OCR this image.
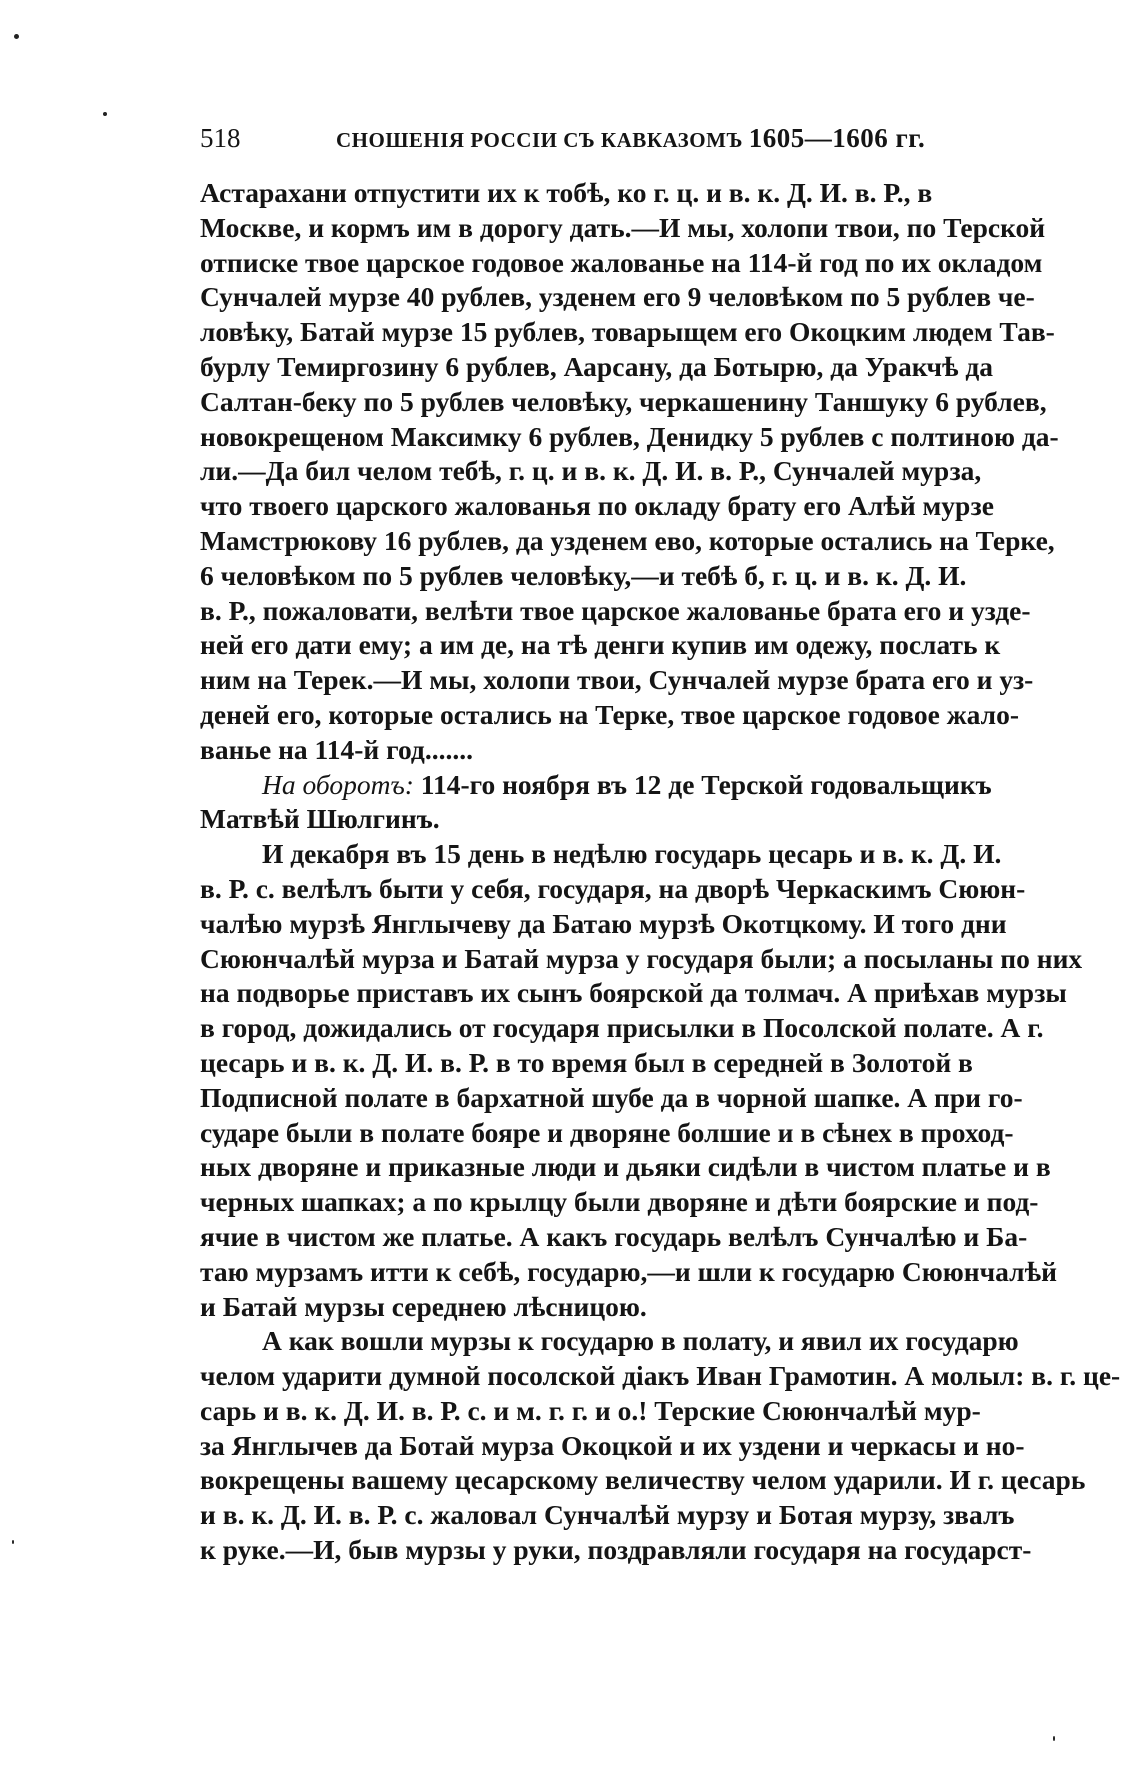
518	СНОШЕНІЯ РОССІИ СЪ КАВКАЗОМЪ 1605—1606 гг.
Астарахани отпустити их к тобѣ, ко г. ц. и в. к. Д. И. в. Р., в
Москве, и кормъ им в дорогу дать.—И мы, холопи твои, по Терской
отписке твое царское годовое жалованье на 114-й год по их окладом
Сунчалей мурзе 40 рублев, узденем его 9 человѣком по 5 рублев че-
ловѣку, Батай мурзе 15 рублев, товарыщем его Окоцким людем Тав-
бурлу Темиргозину 6 рублев, Аарсану, да Ботырю, да Уракчѣ да
Салтан-беку по 5 рублев человѣку, черкашенину Таншуку 6 рублев,
новокрещеном Максимку 6 рублев, Денидку 5 рублев с полтиною да-
ли.—Да бил челом тебѣ, г. ц. и в. к. Д. И. в. Р., Сунчалей мурза,
что твоего царского жалованья по окладу брату его Алѣй мурзе
Мамстрюкову 16 рублев, да узденем ево, которые остались на Терке,
6 человѣком по 5 рублев человѣку,—и тебѣ б, г. ц. и в. к. Д. И.
в. Р., пожаловати, велѣти твое царское жалованье брата его и узде-
ней его дати ему; а им де, на тѣ денги купив им одежу, послать к
ним на Терек.—И мы, холопи твои, Сунчалей мурзе брата его и уз-
деней его, которые остались на Терке, твое царское годовое жало-
ванье на 114-й год.......
На оборотъ: 114-го ноября въ 12 де Терской годовальщикъ
Матвѣй Шюлгинъ.
И декабря въ 15 день в недѣлю государь цесарь и в. к. Д. И.
в. Р. с. велѣлъ быти у себя, государя, на дворѣ Черкаскимъ Сююн-
чалѣю мурзѣ Янглычеву да Батаю мурзѣ Окотцкому. И того дни
Сююнчалѣй мурза и Батай мурза у государя были; а посыланы по них
на подворье приставъ их сынъ боярской да толмач. А приѣхав мурзы
в город, дожидались от государя присылки в Посолской полате. А г.
цесарь и в. к. Д. И. в. Р. в то время был в середней в Золотой в
Подписной полате в бархатной шубе да в чорной шапке. А при го-
сударе были в полате бояре и дворяне болшие и в сѣнех в проход-
ных дворяне и приказные люди и дьяки сидѣли в чистом платье и в
черных шапках; а по крылцу были дворяне и дѣти боярские и под-
ячие в чистом же платье. А какъ государь велѣлъ Сунчалѣю и Ба-
таю мурзамъ итти к себѣ, государю,—и шли к государю Сююнчалѣй
и Батай мурзы середнею лѣсницою.
А как вошли мурзы к государю в полату, и явил их государю
челом ударити думной посолской діакъ Иван Грамотин. А молыл: в. г. це-
сарь и в. к. Д. И. в. Р. с. и м. г. г. и о.! Терские Сююнчалѣй мур-
за Янглычев да Ботай мурза Окоцкой и их уздени и черкасы и но-
вокрещены вашему цесарскому величеству челом ударили. И г. цесарь
и в. к. Д. И. в. Р. с. жаловал Сунчалѣй мурзу и Ботая мурзу, звалъ
к руке.—И, быв мурзы у руки, поздравляли государя на государст-
